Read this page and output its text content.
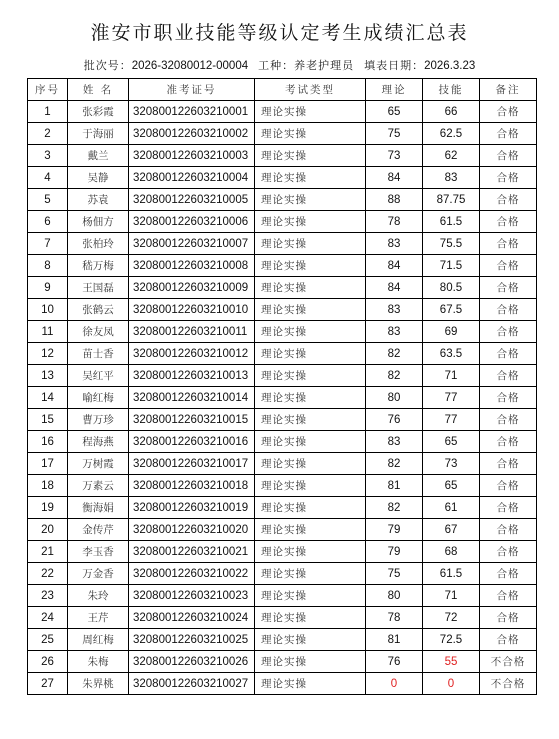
淮安市职业技能等级认定考生成绩汇总表
批次号：2026-32080012-00004 工种：养老护理员 填表日期：2026.3.23
序号	姓 名	准考证号	考试类型	理论	技能	备注
1	张彩霞	320800122603210001	理论实操	65	66	合格
2	于海丽	320800122603210002	理论实操	75	62.5	合格
3	戴兰	320800122603210003	理论实操	73	62	合格
4	吴静	320800122603210004	理论实操	84	83	合格
5	苏袁	320800122603210005	理论实操	88	87.75	合格
6	杨佃方	320800122603210006	理论实操	78	61.5	合格
7	张柏玲	320800122603210007	理论实操	83	75.5	合格
8	嵇万梅	320800122603210008	理论实操	84	71.5	合格
9	王国磊	320800122603210009	理论实操	84	80.5	合格
10	张鹤云	320800122603210010	理论实操	83	67.5	合格
11	徐友凤	320800122603210011	理论实操	83	69	合格
12	苗士香	320800122603210012	理论实操	82	63.5	合格
13	吴红平	320800122603210013	理论实操	82	71	合格
14	喻红梅	320800122603210014	理论实操	80	77	合格
15	曹万珍	320800122603210015	理论实操	76	77	合格
16	程海燕	320800122603210016	理论实操	83	65	合格
17	万树霞	320800122603210017	理论实操	82	73	合格
18	万素云	320800122603210018	理论实操	81	65	合格
19	衡海娟	320800122603210019	理论实操	82	61	合格
20	金传芹	320800122603210020	理论实操	79	67	合格
21	李玉香	320800122603210021	理论实操	79	68	合格
22	万金香	320800122603210022	理论实操	75	61.5	合格
23	朱玲	320800122603210023	理论实操	80	71	合格
24	王芹	320800122603210024	理论实操	78	72	合格
25	周红梅	320800122603210025	理论实操	81	72.5	合格
26	朱梅	320800122603210026	理论实操	76	55	不合格
27	朱界桃	320800122603210027	理论实操	0	0	不合格
